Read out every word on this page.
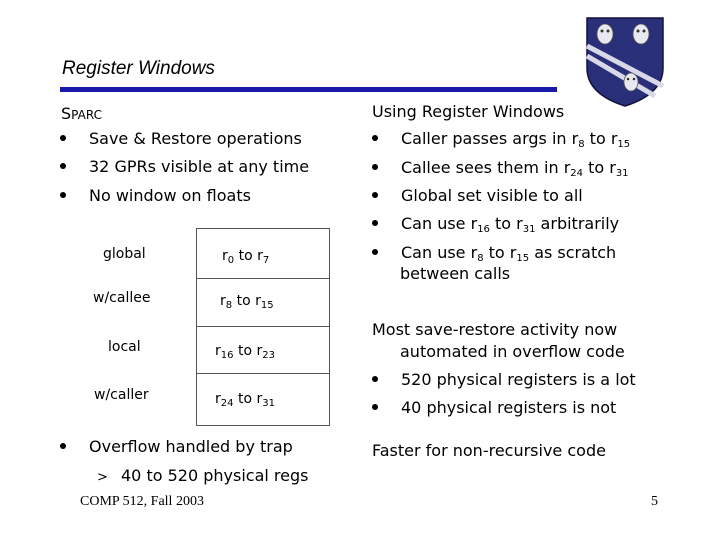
Register Windows
SPARC
Save & Restore operations
32 GPRs visible at any time
No window on floats
global	$r_0$ to $r_7$
w/callee	$r_8$ to $r_{15}$
local	$r_{16}$ to $r_{23}$
w/caller	$r_{24}$ to $r_{31}$
Overflow handled by trap
> 40 to 520 physical regs
Using Register Windows
Caller passes args in $r_8$ to $r_{15}$
Callee sees them in $r_{24}$ to $r_{31}$
Global set visible to all
Can use $r_{16}$ to $r_{31}$ arbitrarily
Can use $r_8$ to $r_{15}$ as scratch
between calls
Most save-restore activity now
automated in overflow code
520 physical registers is a lot
40 physical registers is not
Faster for non-recursive code
COMP 512, Fall 2003	5
